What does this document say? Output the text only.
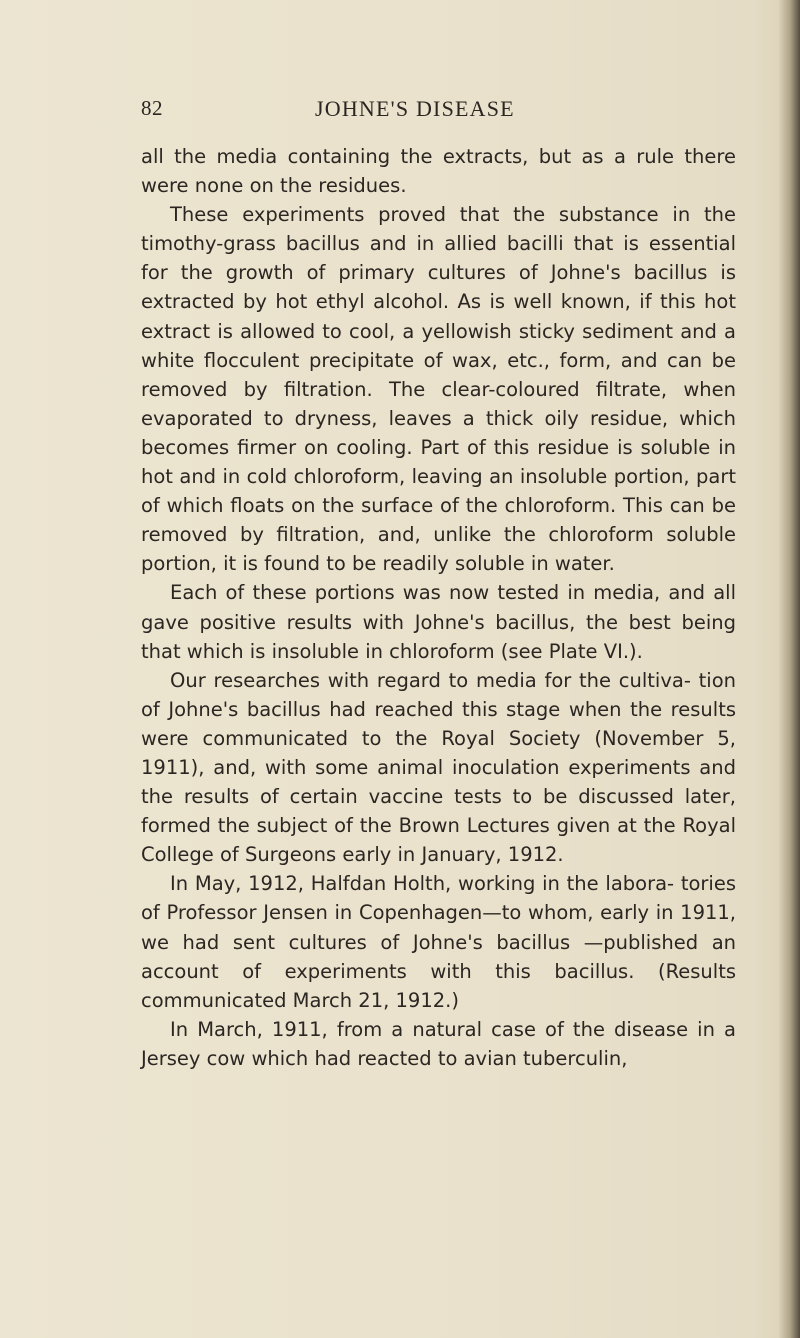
82	JOHNE'S DISEASE

all the media containing the extracts, but as a rule there were none on the residues.

These experiments proved that the substance in the timothy-grass bacillus and in allied bacilli that is essential for the growth of primary cultures of Johne's bacillus is extracted by hot ethyl alcohol. As is well known, if this hot extract is allowed to cool, a yellowish sticky sediment and a white flocculent precipitate of wax, etc., form, and can be removed by filtration. The clear-coloured filtrate, when evaporated to dryness, leaves a thick oily residue, which becomes firmer on cooling. Part of this residue is soluble in hot and in cold chloroform, leaving an insoluble portion, part of which floats on the surface of the chloroform. This can be removed by filtration, and, unlike the chloroform soluble portion, it is found to be readily soluble in water.

Each of these portions was now tested in media, and all gave positive results with Johne's bacillus, the best being that which is insoluble in chloroform (see Plate VI.).

Our researches with regard to media for the cultiva- tion of Johne's bacillus had reached this stage when the results were communicated to the Royal Society (November 5, 1911), and, with some animal inoculation experiments and the results of certain vaccine tests to be discussed later, formed the subject of the Brown Lectures given at the Royal College of Surgeons early in January, 1912.

In May, 1912, Halfdan Holth, working in the labora- tories of Professor Jensen in Copenhagen—to whom, early in 1911, we had sent cultures of Johne's bacillus —published an account of experiments with this bacillus. (Results communicated March 21, 1912.)

In March, 1911, from a natural case of the disease in a Jersey cow which had reacted to avian tuberculin,
